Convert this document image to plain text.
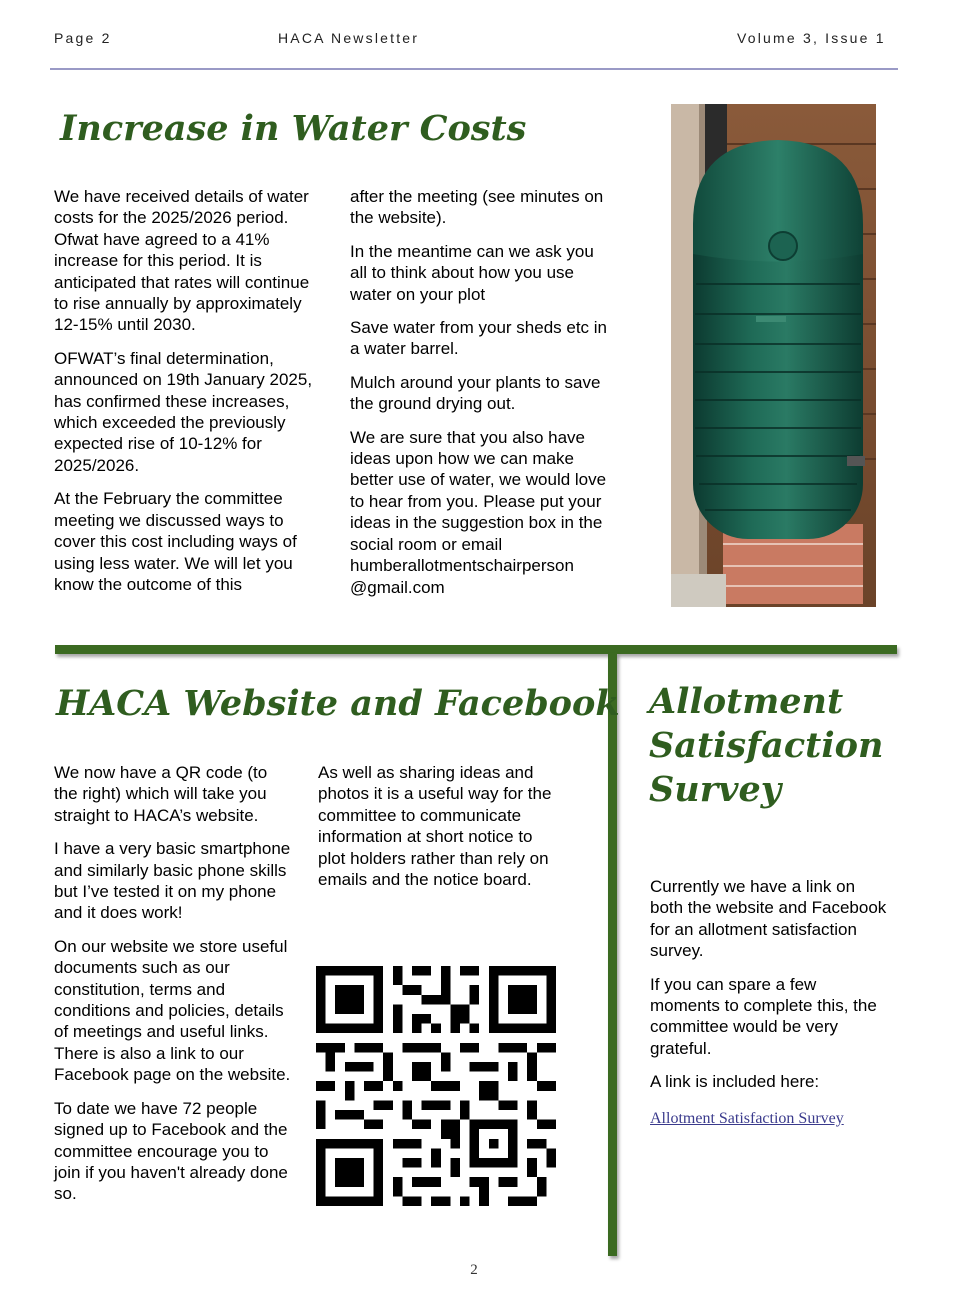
Page 2	HACA Newsletter	Volume 3, Issue 1
Increase in Water Costs

We have received details of water costs for the 2025/2026 period. Ofwat have agreed to a 41% increase for this period. It is anticipated that rates will continue to rise annually by approximately 12-15% until 2030.

OFWAT’s final determination, announced on 19th January 2025, has confirmed these increases, which exceeded the previously expected rise of 10-12% for 2025/2026.

At the February the committee meeting we discussed ways to cover this cost including ways of using less water. We will let you know the outcome of this

after the meeting (see minutes on the website).

In the meantime can we ask you all to think about how you use water on your plot

Save water from your sheds etc in a water barrel.

Mulch around your plants to save the ground drying out.

We are sure that you also have ideas upon how we can make better use of water, we would love to hear from you. Please put your ideas in the suggestion box in the social room or email humberallotmentschairperson @gmail.com

HACA Website and Facebook

We now have a QR code (to the right) which will take you straight to HACA’s website.

I have a very basic smartphone and similarly basic phone skills but I’ve tested it on my phone and it does work!

On our website we store useful documents such as our constitution, terms and conditions and policies, details of meetings and useful links. There is also a link to our Facebook page on the website.

To date we have 72 people signed up to Facebook and the committee encourage you to join if you haven't already done so.

As well as sharing ideas and photos it is a useful way for the committee to communicate information at short notice to plot holders rather than rely on emails and the notice board.

Allotment
Satisfaction
Survey

Currently we have a link on both the website and Facebook for an allotment satisfaction survey.

If you can spare a few moments to complete this, the committee would be very grateful.

A link is included here:

Allotment Satisfaction Survey

2
